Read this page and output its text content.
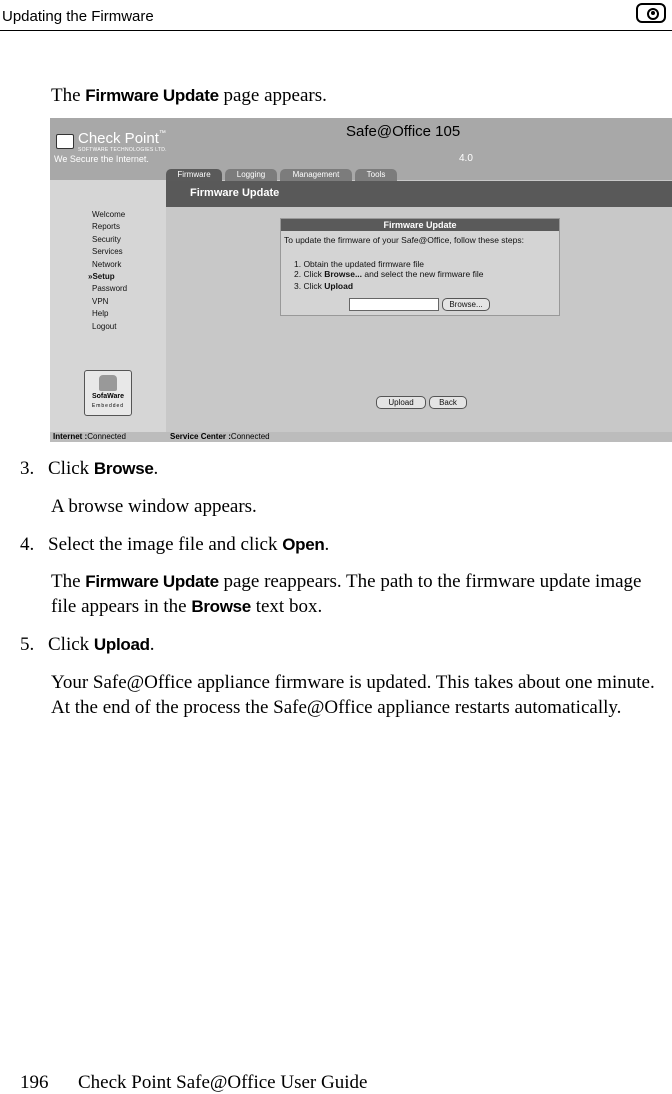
Updating the Firmware
The Firmware Update page appears.
Check Point™
SOFTWARE TECHNOLOGIES LTD.
We Secure the Internet.
Safe@Office 105
4.0
Firmware	Logging	Management	Tools
Firmware Update
Welcome
Reports
Security
Services
Network
»Setup
Password
VPN
Help
Logout
SofaWare
Embedded
Firmware Update
To update the firmware of your Safe@Office, follow these steps:
1. Obtain the updated firmware file
2. Click Browse... and select the new firmware file
3. Click Upload
Browse...
Upload	Back
Internet : Connected	Service Center : Connected
3. Click Browse.
A browse window appears.
4. Select the image file and click Open.
The Firmware Update page reappears. The path to the firmware update image file appears in the Browse text box.
5. Click Upload.
Your Safe@Office appliance firmware is updated. This takes about one minute. At the end of the process the Safe@Office appliance restarts automatically.
196 Check Point Safe@Office User Guide
